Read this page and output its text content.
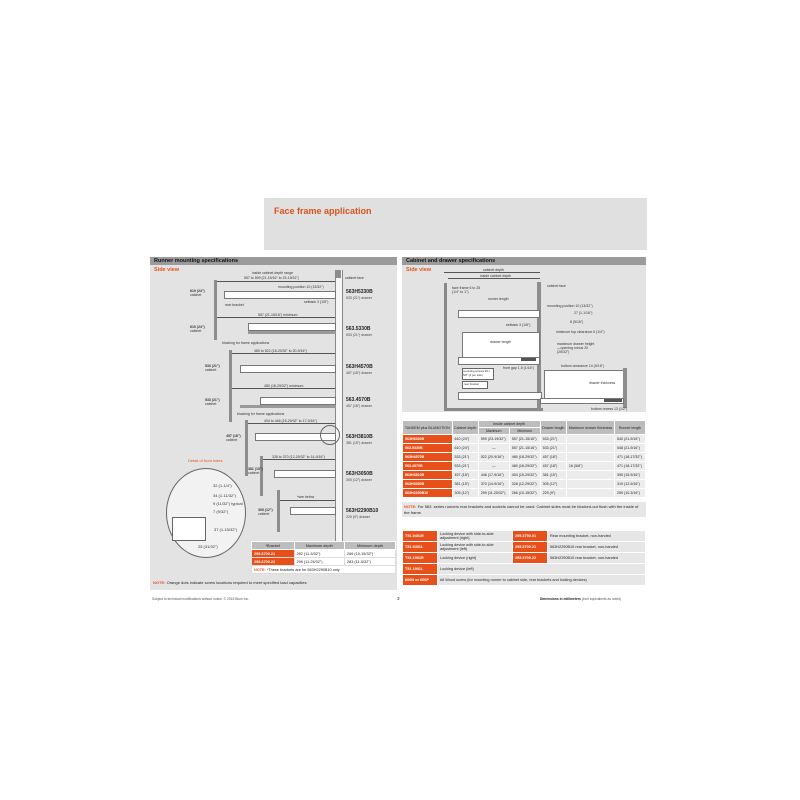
Face frame application
Runner mounting specifications
Side view
cabinet face
inside cabinet depth range
557 to 599 (21-15/16" to 23-19/32")
mounting position 10 (13/32")
rear bracket
setback 3 (1/8")
610 (24")
cabinet	563H5330B
533 (21") drawer
557 (21-15/16") minimum
610 (24")
cabinet
blocking for frame applications
563.5330B
533 (21") drawer
480 to 522 (18-29/32" to 20-9/16")
533 (21")
cabinet	563H4570B
457 (18") drawer
480 (18-29/32") minimum
533 (21")
cabinet
blocking for frame applications
563.4570B
457 (18") drawer
404 to 446 (15-29/32" to 17-9/16")
457 (18")
cabinet	563H3810B
381 (15") drawer
328 to 370 (12-29/32" to 14-9/16")
381 (15")
cabinet	563H3050B
305 (12") drawer
*see below
305 (12")
cabinet	563H2290B10
229 (9") drawer
Detail of front holes
32 (1-1/4")
34 (1-11/32")
9 (11/32") typical
7 (9/32")
37 (1-15/32")
25 (31/32")	*Bracket	Maximum depth	Minimum depth
295.3700.21	282 (11-3/32")	266 (10-15/32")
295.3700.22	299 (11-25/32")	283 (11-5/32")
NOTE: *These brackets are for 563H2290B10 only		
NOTE: Orange dots indicate screw locations required to meet specified load capacities
Cabinet and drawer specifications
Side view	cabinet depth
inside cabinet depth
cabinet face
face frame 6 to 25 (1/4" to 1")
runner length
mounting position 10 (13/32")
27 (1-1/16")
8 (5/16")
setback 3 (1/8")
minimum top clearance 6 (1/4")
drawer length	maximum drawer height—opening minus 20 (25/32")
bottom clearance 14 (9/16")
front gap 1.5 (1/16")
drawer thickness
mounting screws #6 x 5/8" (4 per side)
rear bracket
bottom recess 13 (1/2")
TANDEM plus BLUMOTION	Cabinet depth	Inside cabinet depth		Drawer length	Maximum drawer thickness	Runner length
		Maximum	Minimum			
563H5330B	610 (24")	599 (23-19/32")	557 (21-15/16")	533 (21")		540 (21-9/16")
563.5330B	610 (24")	—	557 (21-15/16")	533 (21")		548 (21-9/16")
563H4570B	533 (21")	522 (20-9/16")	480 (18-29/32")	457 (18")		471 (18-17/32")
563.4570B	533 (21")	—	480 (18-29/32")	457 (18")	16 (5/8")	471 (18-17/32")
563H3810B	457 (18")	446 (17-9/16")	404 (15-29/32")	381 (15")		395 (15-9/16")
563H3050B	381 (15")	370 (14-9/16")	328 (12-29/32")	305 (12")		319 (12-9/16")
563H2290B10	305 (12")	299 (11-25/32")	266 (10-15/32")	229 (9")		259 (10-3/16")
NOTE: For 563. series runners rear brackets and sockets cannot be used. Cabinet sides must be blocked-out flush with the inside of the frame.
T51.9401R	Locking device with side-to-side adjustment (right)	295.3750.01	Rear mounting bracket, non-handed
T51.9401L	Locking device with side-to-side adjustment (left)	295.3700.21	563H2290B10 rear bracket, non-handed
T51.1901R	Locking device (right)	295.3700.22	563H2290B10 rear bracket, non-handed
T51.1901L	Locking device (left)		
606N or 606P	#6 Wood screw (for mounting runner to cabinet side, rear brackets and locking devices)		
Subject to technical modifications without notice. © 2015 Blum Inc.	3	Dimensions in millimeters (inch equivalents as noted)
